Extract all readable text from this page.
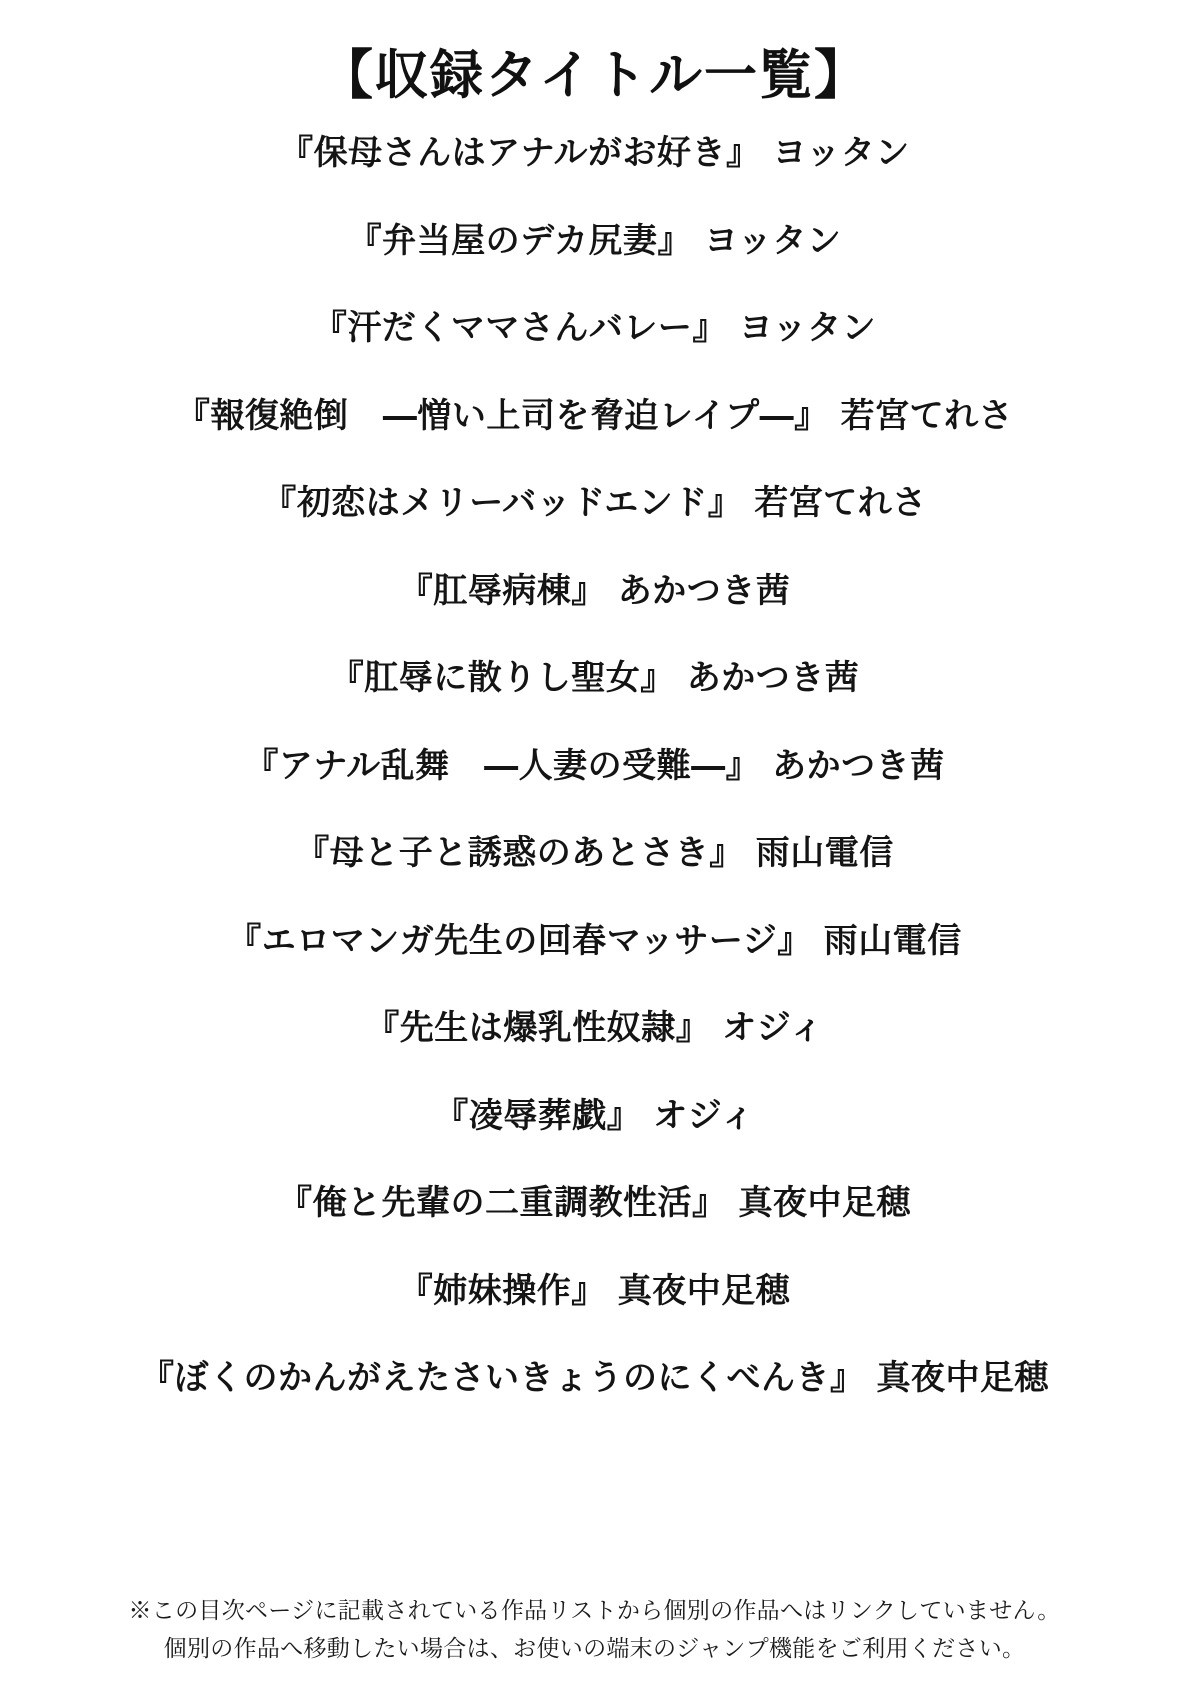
【収録タイトル一覧】
『保母さんはアナルがお好き』 ヨッタン
『弁当屋のデカ尻妻』 ヨッタン
『汗だくママさんバレー』 ヨッタン
『報復絶倒　―憎い上司を脅迫レイプ―』 若宮てれさ
『初恋はメリーバッドエンド』 若宮てれさ
『肛辱病棟』 あかつき茜
『肛辱に散りし聖女』 あかつき茜
『アナル乱舞　―人妻の受難―』 あかつき茜
『母と子と誘惑のあとさき』 雨山電信
『エロマンガ先生の回春マッサージ』 雨山電信
『先生は爆乳性奴隷』 オジィ
『凌辱葬戯』 オジィ
『俺と先輩の二重調教性活』 真夜中足穂
『姉妹操作』 真夜中足穂
『ぼくのかんがえたさいきょうのにくべんき』 真夜中足穂
※この目次ページに記載されている作品リストから個別の作品へはリンクしていません。
個別の作品へ移動したい場合は、お使いの端末のジャンプ機能をご利用ください。
